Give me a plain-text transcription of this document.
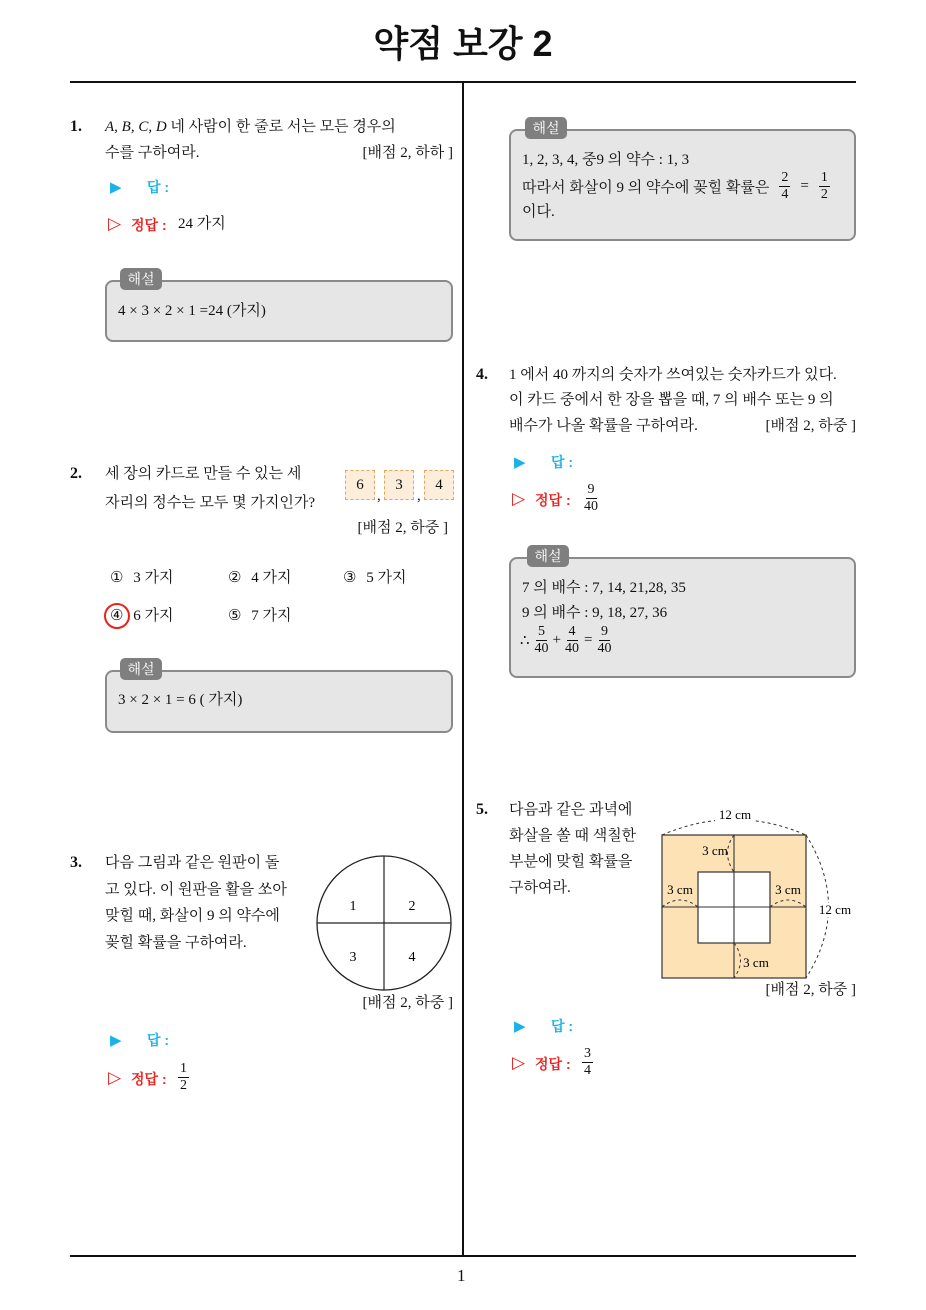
약점 보강 2
1
1. A, B, C, D 네 사람이 한 줄로 서는 모든 경우의
수를 구하여라.	[배점 2, 하하 ]
▶ 답 :
▷ 정답 : 24 가지
해설
4 × 3 × 2 × 1 =24 (가지)
2. 세 장의 카드로 만들 수 있는 세
자리의 정수는 모두 몇 가지인가?
6
,
3
,
4
[배점 2, 하중 ]
① 3 가지	② 4 가지	③ 5 가지
④ 6 가지	⑤ 7 가지
해설
3 × 2 × 1 = 6 ( 가지)
3. 다음 그림과 같은 원판이 돌
고 있다. 이 원판을 활을 쏘아
맞힐 때, 화살이 9 의 약수에
꽂힐 확률을 구하여라.
1	2
3	4
[배점 2, 하중 ]
▶ 답 :
▷ 정답 : $\frac{1}{2}$
해설
1, 2, 3, 4, 중9 의 약수 : 1, 3
따라서 화살이 9 의 약수에 꽂힐 확률은 $\frac{2}{4} = \frac{1}{2}$
이다.
4. 1 에서 40 까지의 숫자가 쓰여있는 숫자카드가 있다.
이 카드 중에서 한 장을 뽑을 때, 7 의 배수 또는 9 의
배수가 나올 확률을 구하여라.	[배점 2, 하중 ]
▶ 답 :
▷ 정답 : $\frac{9}{40}$
해설
7 의 배수 : 7, 14, 21,28, 35
9 의 배수 : 9, 18, 27, 36
∴ $\frac{5}{40} + \frac{4}{40} = \frac{9}{40}$
5. 다음과 같은 과녁에
화살을 쏠 때 색칠한
부분에 맞힐 확률을
구하여라.
12 cm
12 cm
3 cm
3 cm	3 cm
3 cm
[배점 2, 하중 ]
▶ 답 :
▷ 정답 : $\frac{3}{4}$
